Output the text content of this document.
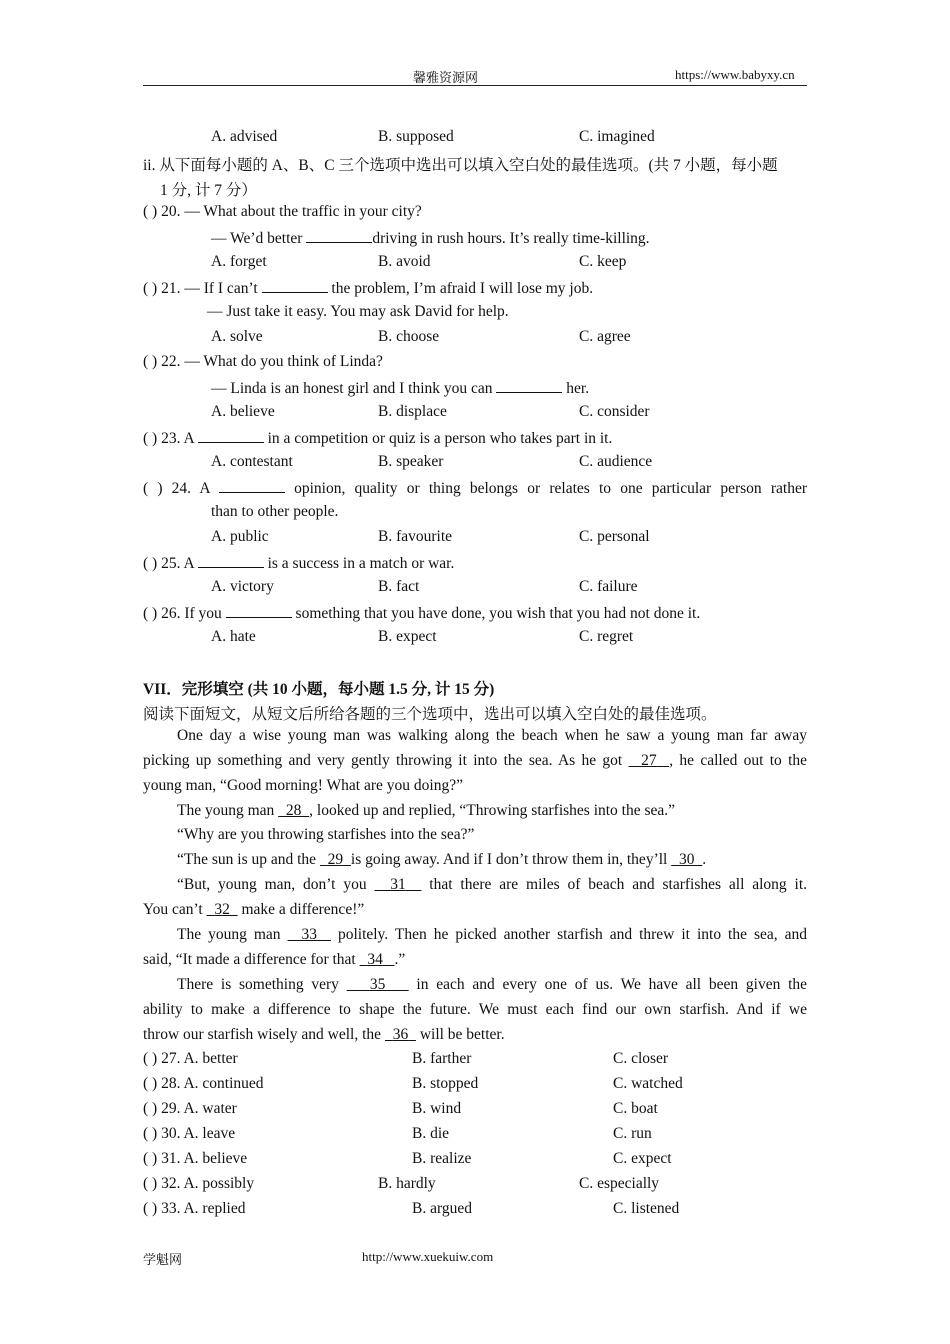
馨雅资源网	https://www.babyxy.cn
A. advised	B. supposed	C. imagined
ii. 从下面每小题的 A、B、C 三个选项中选出可以填入空白处的最佳选项。(共 7 小题，每小题
1 分, 计 7 分）
( ) 20. — What about the traffic in your city?
— We’d better	driving in rush hours. It’s really time-killing.
A. forget	B. avoid	C. keep
( ) 21. — If I can’t	the problem, I’m afraid I will lose my job.
— Just take it easy. You may ask David for help.
A. solve	B. choose	C. agree
( ) 22. — What do you think of Linda?
— Linda is an honest girl and I think you can	her.
A. believe	B. displace	C. consider
( ) 23. A	in a competition or quiz is a person who takes part in it.
A. contestant	B. speaker	C. audience
( ) 24. A	opinion, quality or thing belongs or relates to one particular person rather
than to other people.
A. public	B. favourite	C. personal
( ) 25. A	is a success in a match or war.
A. victory	B. fact	C. failure
( ) 26. If you	something that you have done, you wish that you had not done it.
A. hate	B. expect	C. regret
VII．完形填空 (共 10 小题，每小题 1.5 分, 计 15 分)
阅读下面短文，从短文后所给各题的三个选项中，选出可以填入空白处的最佳选项。
One day a wise young man was walking along the beach when he saw a young man far away
picking up something and very gently throwing it into the sea. As he got   27 , he called out to the
young man, “Good morning! What are you doing?”
The young man   28 , looked up and replied, “Throwing starfishes into the sea.”
“Why are you throwing starfishes into the sea?”
“The sun is up and the   29 is going away. And if I don’t throw them in, they’ll   30 .
“But, young man, don’t you   31   that there are miles of beach and starfishes all along it.
You can’t   32   make a difference!”
The young man   33   politely. Then he picked another starfish and threw it into the sea, and
said, “It made a difference for that   34 .”
There is something very    35    in each and every one of us. We have all been given the
ability to make a difference to shape the future. We must each find our own starfish. And if we
throw our starfish wisely and well, the   36   will be better.
( ) 27. A. better	B. farther	C. closer
( ) 28. A. continued	B. stopped	C. watched
( ) 29. A. water	B. wind	C. boat
( ) 30. A. leave	B. die	C. run
( ) 31. A. believe	B. realize	C. expect
( ) 32. A. possibly	B. hardly	C. especially
( ) 33. A. replied	B. argued	C. listened
学魁网	http://www.xuekuiw.com
